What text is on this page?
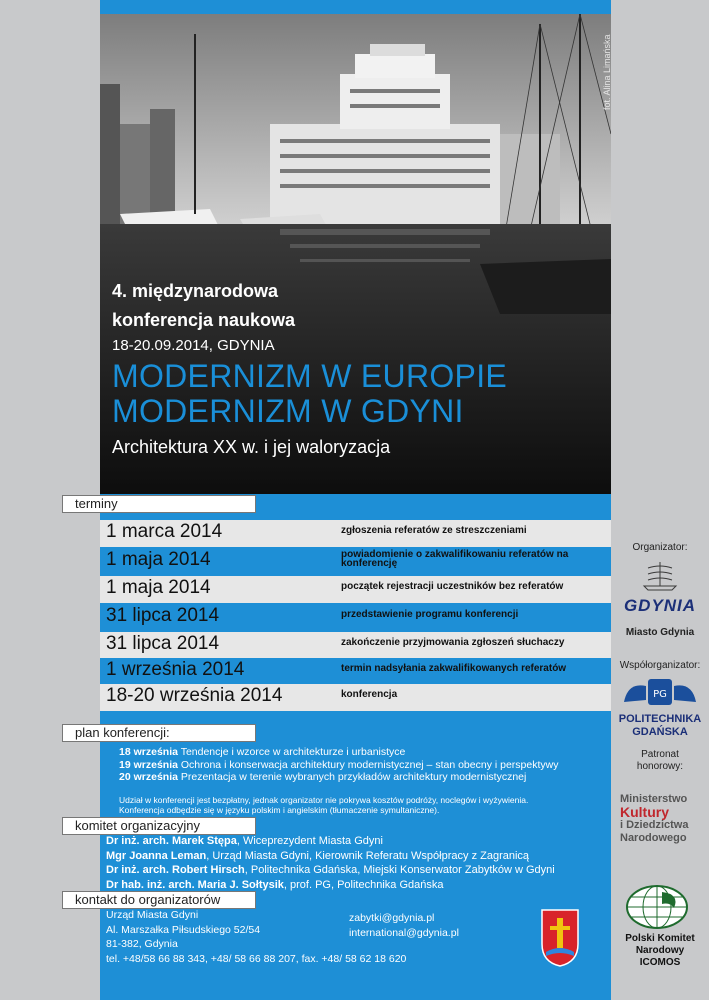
fot. Alina Limańska
4. międzynarodowa
konferencja naukowa
18-20.09.2014, GDYNIA
MODERNIZM W EUROPIE
MODERNIZM W GDYNI
Architektura XX w. i jej waloryzacja
terminy
1 marca 2014	zgłoszenia referatów ze streszczeniami
1 maja 2014	powiadomienie o zakwalifikowaniu referatów na konferencję
1 maja 2014	początek rejestracji uczestników bez referatów
31 lipca 2014	przedstawienie programu konferencji
31 lipca 2014	zakończenie przyjmowania zgłoszeń słuchaczy
1 września 2014	termin nadsyłania zakwalifikowanych referatów
18-20 września 2014	konferencja
plan konferencji:
18 września Tendencje i wzorce w architekturze i urbanistyce
19 września Ochrona i konserwacja architektury modernistycznej – stan obecny i perspektywy
20 września Prezentacja w terenie wybranych przykładów architektury modernistycznej
Udział w konferencji jest bezpłatny, jednak organizator nie pokrywa kosztów podróży, noclegów i wyżywienia.
Konferencja odbędzie się w języku polskim i angielskim (tłumaczenie symultaniczne).
komitet organizacyjny
Dr inż. arch. Marek Stępa, Wiceprezydent Miasta Gdyni
Mgr Joanna Leman, Urząd Miasta Gdyni, Kierownik Referatu Współpracy z Zagranicą
Dr inż. arch. Robert Hirsch, Politechnika Gdańska, Miejski Konserwator Zabytków w Gdyni
Dr hab. inż. arch. Maria J. Sołtysik, prof. PG, Politechnika Gdańska
kontakt do organizatorów
Urząd Miasta Gdyni
Al. Marszałka Piłsudskiego 52/54
81-382, Gdynia
tel. +48/58 66 88 343, +48/ 58 66 88 207, fax. +48/ 58 62 18 620
zabytki@gdynia.pl
international@gdynia.pl
Organizator:
GDYNIA
Miasto Gdynia
Współorganizator:
PG
POLITECHNIKA
GDAŃSKA
Patronat
honorowy:
Ministerstwo
Kultury
i Dziedzictwa
Narodowego
Polski Komitet
Narodowy
ICOMOS
